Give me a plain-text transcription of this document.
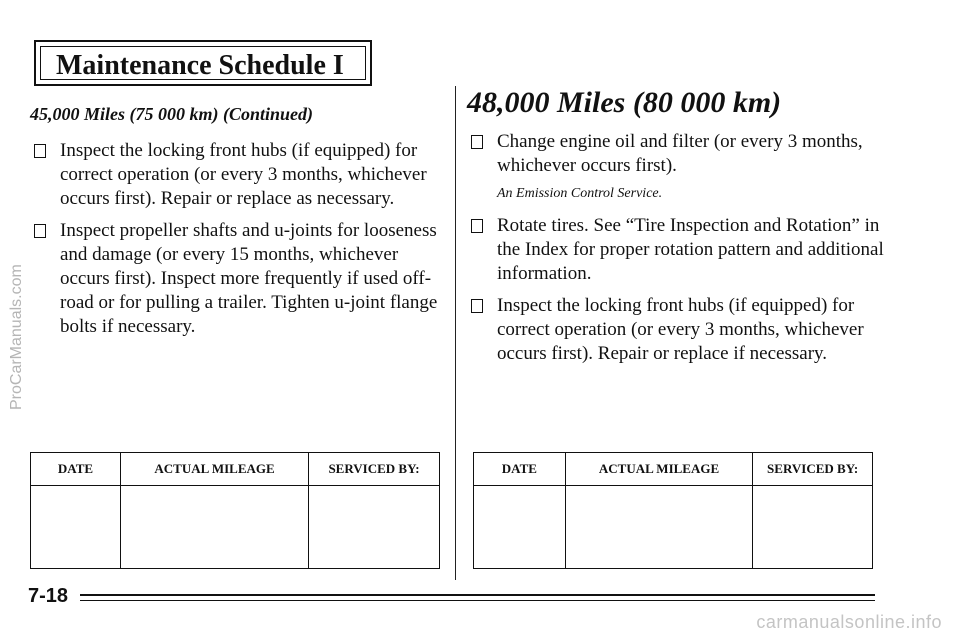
Maintenance Schedule I
45,000 Miles (75 000 km) (Continued)
Inspect the locking front hubs (if equipped) for correct operation (or every 3 months, whichever occurs first). Repair or replace as necessary.
Inspect propeller shafts and u-joints for looseness and damage (or every 15 months, whichever occurs first). Inspect more frequently if used off-road or for pulling a trailer. Tighten u-joint flange bolts if necessary.
48,000 Miles (80 000 km)
Change engine oil and filter (or every 3 months, whichever occurs first).
An Emission Control Service.
Rotate tires. See “Tire Inspection and Rotation” in the Index for proper rotation pattern and additional information.
Inspect the locking front hubs (if equipped) for correct operation (or every 3 months, whichever occurs first). Repair or replace if necessary.
DATE	ACTUAL MILEAGE	SERVICED BY:
			DATE	ACTUAL MILEAGE	SERVICED BY:

7-18
ProCarManuals.com
carmanualsonline.info
